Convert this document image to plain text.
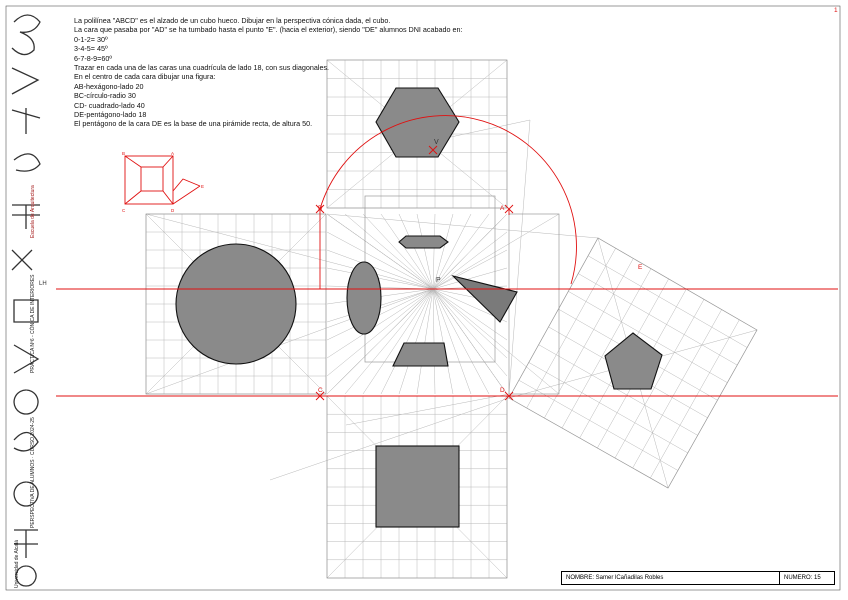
B	A
C	D
E
1
B	A
C	D
E
V
P
LH
Universidad de Alcalá
PERSPECTIVA DE ALUMNOS · CURSO 2024-25
PRÁCTICA Nº6 - CÓNICA DE INTERIORES
Escuela de Arquitectura
La polilínea "ABCD" es el alzado de un cubo hueco. Dibujar en la perspectiva cónica dada, el cubo.
La cara que pasaba por "AD" se ha tumbado hasta el punto "E". (hacia el exterior), siendo "DE" alumnos DNI acabado en:
0-1-2= 30º
3-4-5= 45º
6-7-8-9=60º
Trazar en cada una de las caras una cuadrícula de lado 18, con sus diagonales.
En el centro de cada cara dibujar una figura:
AB-hexágono-lado 20
BC-círculo-radio 30
CD- cuadrado-lado 40
DE-pentágono-lado 18
El pentágono de la cara DE es la base de una pirámide recta, de altura 50.
NOMBRE: Samer lCañadilas Robles	NUMERO: 15
